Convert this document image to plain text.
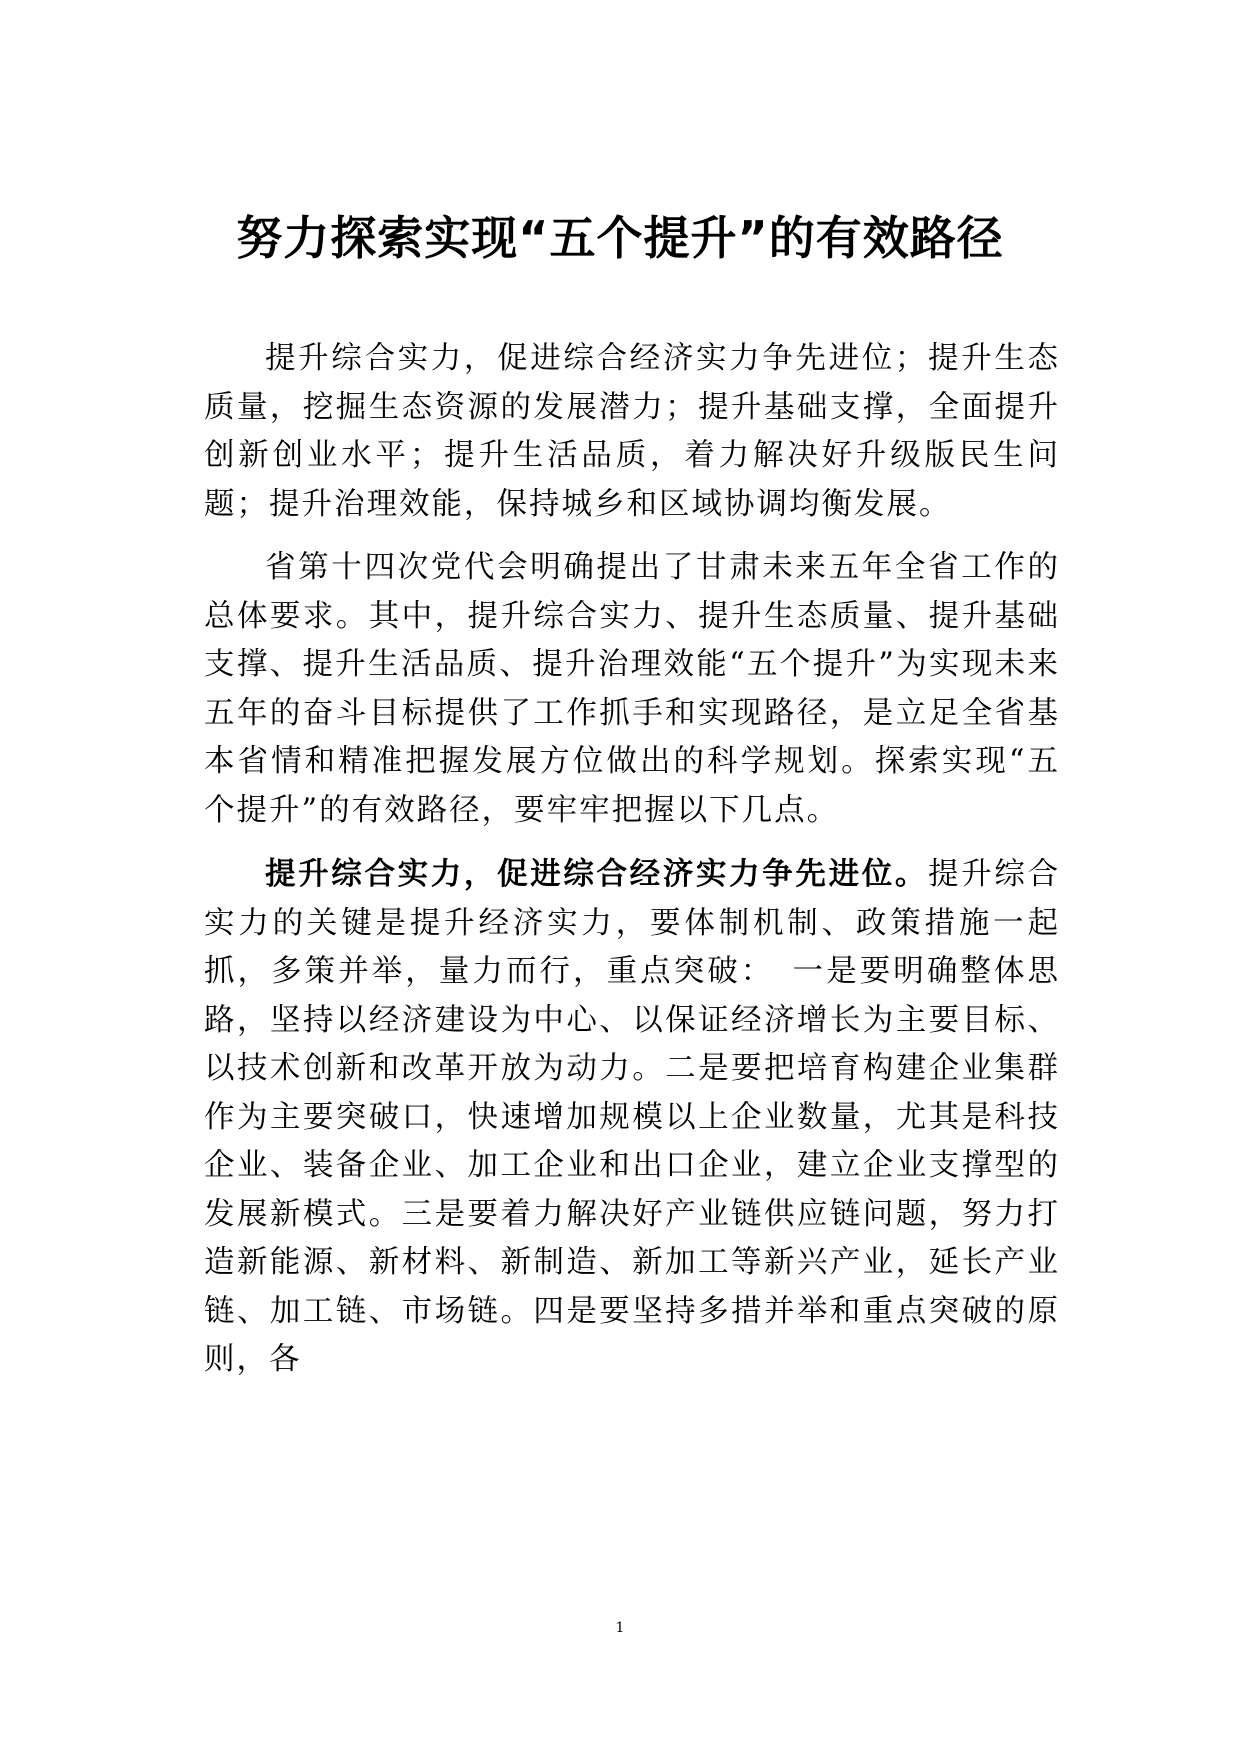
努力探索实现“五个提升”的有效路径

提升综合实力，促进综合经济实力争先进位；提升生态质量，挖掘生态资源的发展潜力；提升基础支撑，全面提升创新创业水平；提升生活品质，着力解决好升级版民生问题；提升治理效能，保持城乡和区域协调均衡发展。

省第十四次党代会明确提出了甘肃未来五年全省工作的总体要求。其中，提升综合实力、提升生态质量、提升基础支撑、提升生活品质、提升治理效能“五个提升”为实现未来五年的奋斗目标提供了工作抓手和实现路径，是立足全省基本省情和精准把握发展方位做出的科学规划。探索实现“五个提升”的有效路径，要牢牢把握以下几点。

提升综合实力，促进综合经济实力争先进位。提升综合实力的关键是提升经济实力，要体制机制、政策措施一起抓，多策并举，量力而行，重点突破：　一是要明确整体思路，坚持以经济建设为中心、以保证经济增长为主要目标、以技术创新和改革开放为动力。二是要把培育构建企业集群作为主要突破口，快速增加规模以上企业数量，尤其是科技企业、装备企业、加工企业和出口企业，建立企业支撑型的发展新模式。三是要着力解决好产业链供应链问题，努力打造新能源、新材料、新制造、新加工等新兴产业，延长产业链、加工链、市场链。四是要坚持多措并举和重点突破的原则，各

1
